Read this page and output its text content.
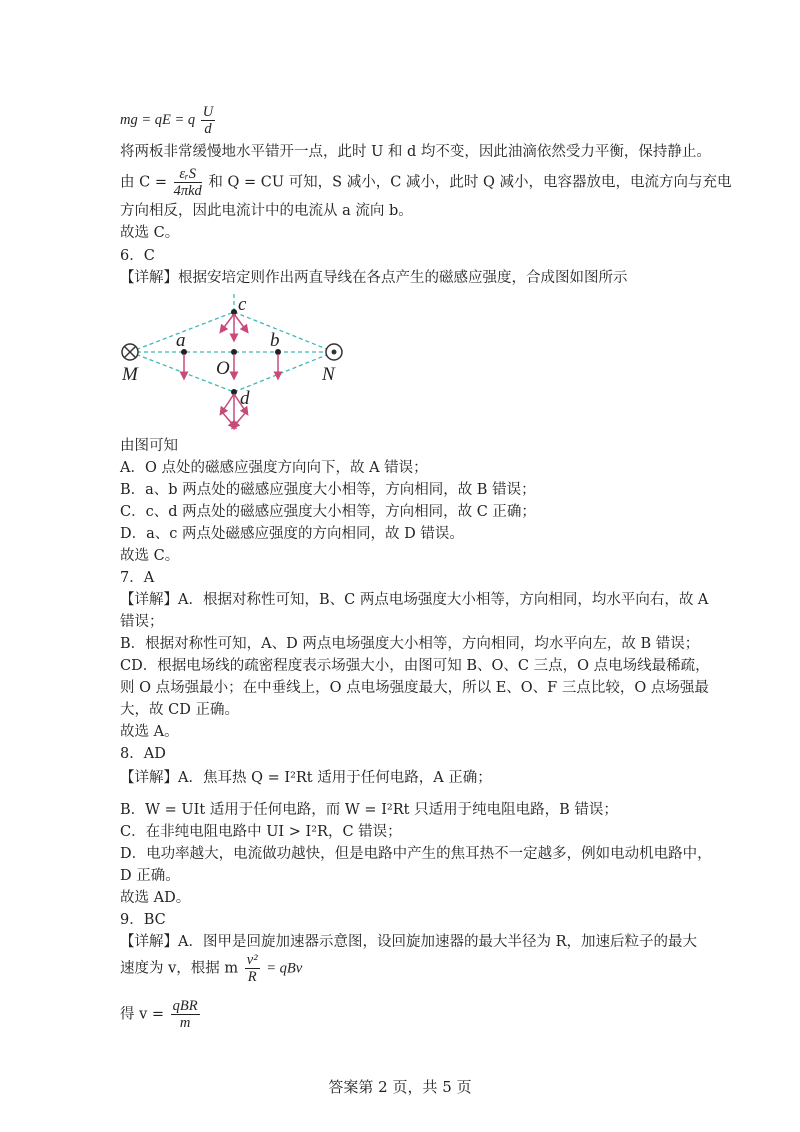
mg = qE = q $\frac{U}{d}$
将两板非常缓慢地水平错开一点，此时 U 和 d 均不变，因此油滴依然受力平衡，保持静止。
由 $C = \frac{\text{εᵣS}}{\text{4πkd}}$ 和 Q = CU 可知，S 减小，C 减小，此时 Q 减小，电容器放电，电流方向与充电
方向相反，因此电流计中的电流从 a 流向 b。
故选 C。
6．C
【详解】根据安培定则作出两直导线在各点产生的磁感应强度，合成图如图所示
c
a	b
O
d
M	N
由图可知
A．O 点处的磁感应强度方向向下，故 A 错误；
B．a、b 两点处的磁感应强度大小相等，方向相同，故 B 错误；
C．c、d 两点处的磁感应强度大小相等，方向相同，故 C 正确；
D．a、c 两点处磁感应强度的方向相同，故 D 错误。
故选 C。
7．A
【详解】A．根据对称性可知，B、C 两点电场强度大小相等，方向相同，均水平向右，故 A
错误；
B．根据对称性可知，A、D 两点电场强度大小相等，方向相同，均水平向左，故 B 错误；
CD．根据电场线的疏密程度表示场强大小，由图可知 B、O、C 三点，O 点电场线最稀疏，
则 O 点场强最小；在中垂线上，O 点电场强度最大，所以 E、O、F 三点比较，O 点场强最
大，故 CD 正确。
故选 A。
8．AD
【详解】A．焦耳热 Q = I²Rt 适用于任何电路，A 正确；
B．W = UIt 适用于任何电路，而 W = I²Rt 只适用于纯电阻电路，B 错误；
C．在非纯电阻电路中 UI > I²R，C 错误；
D．电功率越大，电流做功越快，但是电路中产生的焦耳热不一定越多，例如电动机电路中，
D 正确。
故选 AD。
9．BC
【详解】A．图甲是回旋加速器示意图，设回旋加速器的最大半径为 R，加速后粒子的最大
速度为 v，根据 m $\frac{\text{v²}}{R}$ = qBv
得 $v = \frac{\text{qBR}}{m}$
答案第 2 页，共 5 页
